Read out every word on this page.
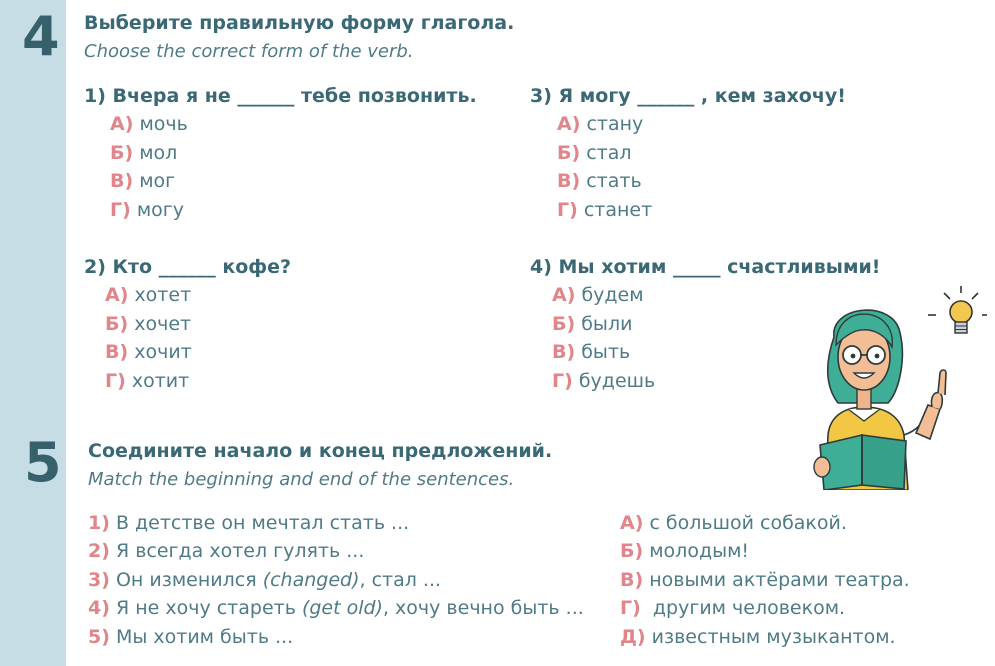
4 Выберите правильную форму глагола.
Choose the correct form of the verb.
1) Вчера я не ______ тебе позвонить.
А) мочь
Б) мол
В) мог
Г) могу
3) Я могу ______ , кем захочу!
А) стану
Б) стал
В) стать
Г) станет
2) Кто ______ кофе?
А) хотет
Б) хочет
В) хочит
Г) хотит
4) Мы хотим _____ счастливыми!
А) будем
Б) были
В) быть
Г) будешь
5 Соедините начало и конец предложений.
Match the beginning and end of the sentences.
1) В детстве он мечтал стать ...
2) Я всегда хотел гулять ...
3) Он изменился (changed), стал ...
4) Я не хочу стареть (get old), хочу вечно быть ...
5) Мы хотим быть ...
А) с большой собакой.
Б) молодым!
В) новыми актёрами театра.
Г) другим человеком.
Д) известным музыкантом.
